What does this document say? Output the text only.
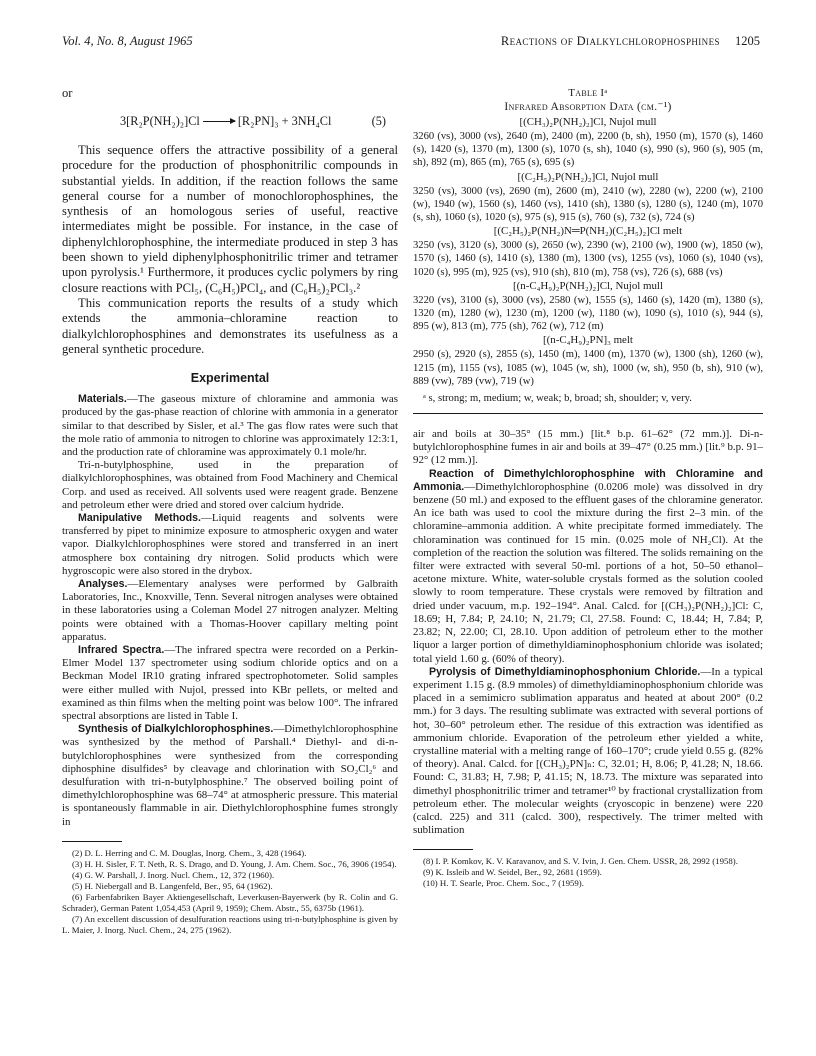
Vol. 4, No. 8, August 1965	Reactions of Dialkylchlorophosphines 1205

or

3[R₂P(NH₂)₂]Cl → [R₂PN]₃ + 3NH₄Cl	(5)

This sequence offers the attractive possibility of a general procedure for the production of phosphonitrilic compounds in substantial yields. In addition, if the reaction follows the same general course for a number of monochlorophosphines, the synthesis of an homologous series of useful, reactive intermediates might be possible. For instance, in the case of diphenylchlorophosphine, the intermediate produced in step 3 has been shown to yield diphenylphosphonitrilic trimer and tetramer upon pyrolysis.¹ Furthermore, it produces cyclic polymers by ring closure reactions with PCl₅, (C₆H₅)PCl₄, and (C₆H₅)₂PCl₃.²

This communication reports the results of a study which extends the ammonia–chloramine reaction to dialkylchlorophosphines and demonstrates its usefulness as a general synthetic procedure.

Experimental

Materials.—The gaseous mixture of chloramine and ammonia was produced by the gas-phase reaction of chlorine with ammonia in a generator similar to that described by Sisler, et al.³ The gas flow rates were such that the mole ratio of ammonia to nitrogen to chlorine was approximately 12:3:1, and the production rate of chloramine was approximately 0.1 mole/hr.

Tri-n-butylphosphine, used in the preparation of dialkylchlorophosphines, was obtained from Food Machinery and Chemical Corp. and used as received. All solvents used were reagent grade. Benzene and petroleum ether were dried and stored over calcium hydride.

Manipulative Methods.—Liquid reagents and solvents were transferred by pipet to minimize exposure to atmospheric oxygen and water vapor. Dialkylchlorophosphines were stored and transferred in an inert atmosphere box containing dry nitrogen. Solid products which were hygroscopic were also stored in the drybox.

Analyses.—Elementary analyses were performed by Galbraith Laboratories, Inc., Knoxville, Tenn. Several nitrogen analyses were obtained in these laboratories using a Coleman Model 27 nitrogen analyzer. Melting points were obtained with a Thomas-Hoover capillary melting point apparatus.

Infrared Spectra.—The infrared spectra were recorded on a Perkin-Elmer Model 137 spectrometer using sodium chloride optics and on a Beckman Model IR10 grating infrared spectrophotometer. Solid samples were either mulled with Nujol, pressed into KBr pellets, or melted and examined as thin films when the melting point was below 100°. The infrared spectral absorptions are listed in Table I.

Synthesis of Dialkylchlorophosphines.—Dimethylchlorophosphine was synthesized by the method of Parshall.⁴ Diethyl- and di-n-butylchlorophosphines were synthesized from the corresponding diphosphine disulfides⁵ by cleavage and chlorination with SO₂Cl₂⁶ and desulfuration with tri-n-butylphosphine.⁷ The observed boiling point of dimethylchlorophosphine was 68–74° at atmospheric pressure. This material is spontaneously flammable in air. Diethylchlorophosphine fumes strongly in

(2) D. L. Herring and C. M. Douglas, Inorg. Chem., 3, 428 (1964).

(3) H. H. Sisler, F. T. Neth, R. S. Drago, and D. Young, J. Am. Chem. Soc., 76, 3906 (1954).

(4) G. W. Parshall, J. Inorg. Nucl. Chem., 12, 372 (1960).

(5) H. Niebergall and B. Langenfeld, Ber., 95, 64 (1962).

(6) Farbenfabriken Bayer Aktiengesellschaft, Leverkusen-Bayerwerk (by R. Colin and G. Schrader), German Patent 1,054,453 (April 9, 1959); Chem. Abstr., 55, 6375b (1961).

(7) An excellent discussion of desulfuration reactions using tri-n-butylphosphine is given by L. Maier, J. Inorg. Nucl. Chem., 24, 275 (1962).

Table Iᵃ
Infrared Absorption Data (cm.⁻¹)
[(CH₃)₂P(NH₂)₂]Cl, Nujol mull

3260 (vs), 3000 (vs), 2640 (m), 2400 (m), 2200 (b, sh), 1950 (m), 1570 (s), 1460 (s), 1420 (s), 1370 (m), 1300 (s), 1070 (s, sh), 1040 (s), 990 (s), 960 (s), 905 (m, sh), 892 (m), 865 (m), 765 (s), 695 (s)

[(C₂H₅)₂P(NH₂)₂]Cl, Nujol mull

3250 (vs), 3000 (vs), 2690 (m), 2600 (m), 2410 (w), 2280 (w), 2200 (w), 2100 (w), 1940 (w), 1560 (s), 1460 (vs), 1410 (sh), 1380 (s), 1280 (s), 1240 (m), 1070 (s, sh), 1060 (s), 1020 (s), 975 (s), 915 (s), 760 (s), 732 (s), 724 (s)

[(C₂H₅)₂P(NH₂)N═P(NH₂)(C₂H₅)₂]Cl melt

3250 (vs), 3120 (s), 3000 (s), 2650 (w), 2390 (w), 2100 (w), 1900 (w), 1850 (w), 1570 (s), 1460 (s), 1410 (s), 1380 (m), 1300 (vs), 1255 (vs), 1060 (s), 1040 (vs), 1020 (s), 995 (m), 925 (vs), 910 (sh), 810 (m), 758 (vs), 726 (s), 688 (vs)

[(n-C₄H₉)₂P(NH₂)₂]Cl, Nujol mull

3220 (vs), 3100 (s), 3000 (vs), 2580 (w), 1555 (s), 1460 (s), 1420 (m), 1380 (s), 1320 (m), 1280 (w), 1230 (m), 1200 (w), 1180 (w), 1090 (s), 1010 (s), 944 (s), 895 (w), 813 (m), 775 (sh), 762 (w), 712 (m)

[(n-C₄H₉)₂PN]₃ melt

2950 (s), 2920 (s), 2855 (s), 1450 (m), 1400 (m), 1370 (w), 1300 (sh), 1260 (w), 1215 (m), 1155 (vs), 1085 (w), 1045 (w, sh), 1000 (w, sh), 950 (b, sh), 910 (w), 889 (vw), 789 (vw), 719 (w)

ᵃ s, strong; m, medium; w, weak; b, broad; sh, shoulder; v, very.

air and boils at 30–35° (15 mm.) [lit.⁸ b.p. 61–62° (72 mm.)]. Di-n-butylchlorophosphine fumes in air and boils at 39–47° (0.25 mm.) [lit.⁹ b.p. 91–92° (12 mm.)].

Reaction of Dimethylchlorophosphine with Chloramine and Ammonia.—Dimethylchlorophosphine (0.0206 mole) was dissolved in dry benzene (50 ml.) and exposed to the effluent gases of the chloramine generator. An ice bath was used to cool the mixture during the first 2–3 min. of the chloramine–ammonia addition. A white precipitate formed immediately. The chloramination was continued for 15 min. (0.025 mole of NH₂Cl). At the completion of the reaction the solution was filtered. The solids remaining on the filter were extracted with several 50-ml. portions of a hot, 50–50 ethanol–acetone mixture. White, water-soluble crystals formed as the solution cooled slowly to room temperature. These crystals were removed by filtration and dried under vacuum, m.p. 192–194°. Anal. Calcd. for [(CH₃)₂P(NH₂)₂]Cl: C, 18.69; H, 7.84; P, 24.10; N, 21.79; Cl, 27.58. Found: C, 18.44; H, 7.84; P, 23.82; N, 22.00; Cl, 28.10. Upon addition of petroleum ether to the mother liquor a larger portion of dimethyldiaminophosphonium chloride was isolated; total yield 1.60 g. (60% of theory).

Pyrolysis of Dimethyldiaminophosphonium Chloride.—In a typical experiment 1.15 g. (8.9 mmoles) of dimethyldiaminophosphonium chloride was placed in a semimicro sublimation apparatus and heated at about 200° (0.2 mm.) for 3 days. The resulting sublimate was extracted with several portions of hot, 30–60° petroleum ether. The residue of this extraction was identified as ammonium chloride. Evaporation of the petroleum ether yielded a white, crystalline material with a melting range of 160–170°; crude yield 0.55 g. (82% of theory). Anal. Calcd. for [(CH₃)₂PN]ₙ: C, 32.01; H, 8.06; P, 41.28; N, 18.66. Found: C, 31.83; H, 7.98; P, 41.15; N, 18.73. The mixture was separated into dimethyl phosphonitrilic trimer and tetramer¹⁰ by fractional crystallization from petroleum ether. The molecular weights (cryoscopic in benzene) were 220 (calcd. 225) and 311 (calcd. 300), respectively. The trimer melted with sublimation

(8) I. P. Komkov, K. V. Karavanov, and S. V. Ivin, J. Gen. Chem. USSR, 28, 2992 (1958).

(9) K. Issleib and W. Seidel, Ber., 92, 2681 (1959).

(10) H. T. Searle, Proc. Chem. Soc., 7 (1959).
